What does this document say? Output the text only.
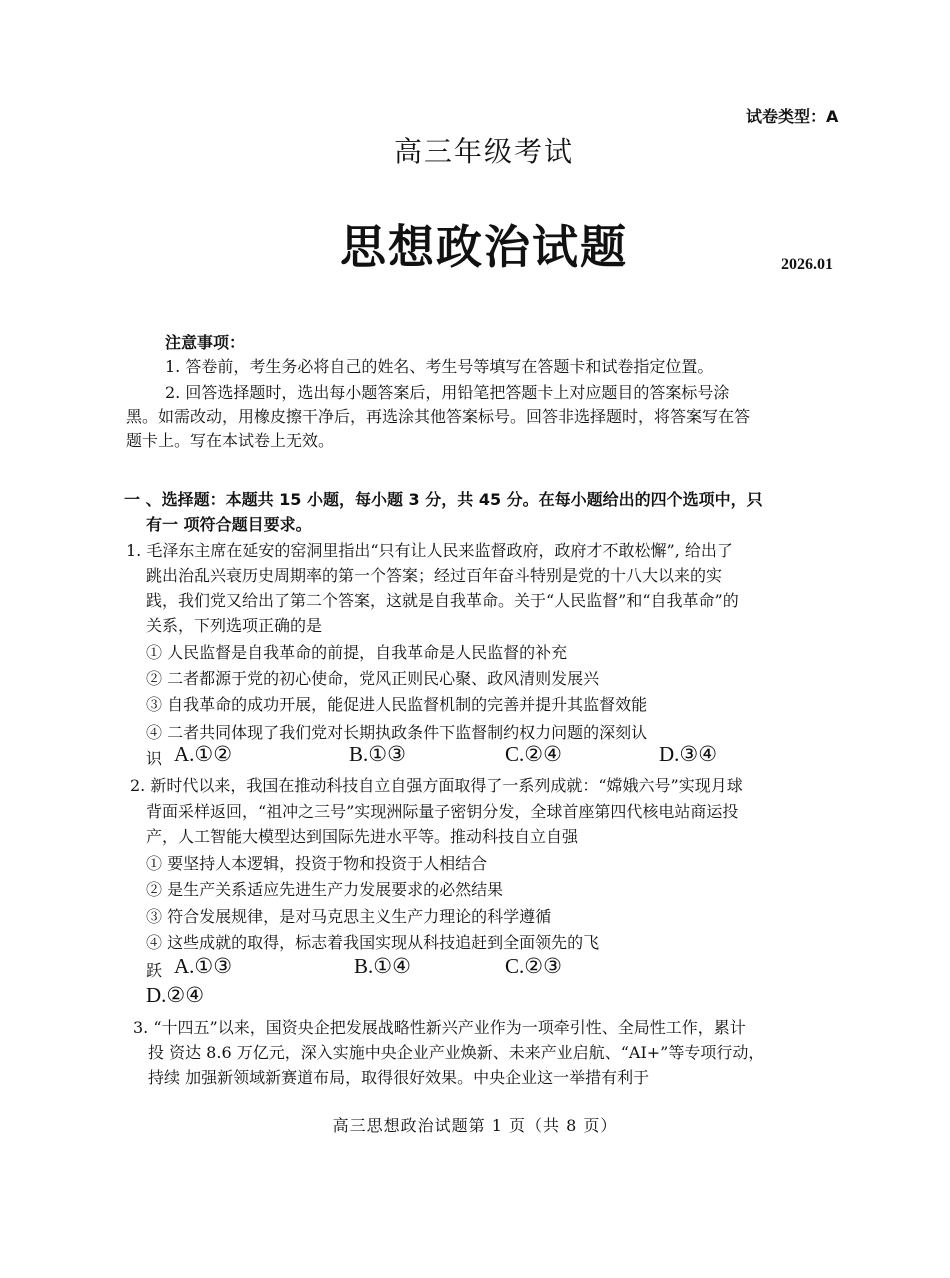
试卷类型：A
高三年级考试
思想政治试题	2026.01
注意事项：
1. 答卷前，考生务必将自己的姓名、考生号等填写在答题卡和试卷指定位置。
2. 回答选择题时，选出每小题答案后，用铅笔把答题卡上对应题目的答案标号涂
黑。如需改动，用橡皮擦干净后，再选涂其他答案标号。回答非选择题时，将答案写在答
题卡上。写在本试卷上无效。
一 、选择题：本题共 15 小题，每小题 3 分，共 45 分。在每小题给出的四个选项中，只
有一 项符合题目要求。
1. 毛泽东主席在延安的窑洞里指出“只有让人民来监督政府，政府才不敢松懈”, 给出了
跳出治乱兴衰历史周期率的第一个答案；经过百年奋斗特别是党的十八大以来的实
践，我们党又给出了第二个答案，这就是自我革命。关于“人民监督”和“自我革命”的
关系，下列选项正确的是
① 人民监督是自我革命的前提，自我革命是人民监督的补充
② 二者都源于党的初心使命，党风正则民心聚、政风清则发展兴
③ 自我革命的成功开展，能促进人民监督机制的完善并提升其监督效能
④ 二者共同体现了我们党对长期执政条件下监督制约权力问题的深刻认
识 A.①②	B.①③	C.②④	D.③④
2. 新时代以来，我国在推动科技自立自强方面取得了一系列成就：“嫦娥六号”实现月球
背面采样返回，“祖冲之三号”实现洲际量子密钥分发，全球首座第四代核电站商运投
产，人工智能大模型达到国际先进水平等。推动科技自立自强
① 要坚持人本逻辑，投资于物和投资于人相结合
② 是生产关系适应先进生产力发展要求的必然结果
③ 符合发展规律，是对马克思主义生产力理论的科学遵循
④ 这些成就的取得，标志着我国实现从科技追赶到全面领先的飞
跃 A.①③	B.①④	C.②③
D.②④
3. “十四五”以来，国资央企把发展战略性新兴产业作为一项牵引性、全局性工作，累计
投 资达 8.6 万亿元，深入实施中央企业产业焕新、未来产业启航、“AI+”等专项行动，
持续 加强新领域新赛道布局，取得很好效果。中央企业这一举措有利于
高三思想政治试题第 1 页（共 8 页）
